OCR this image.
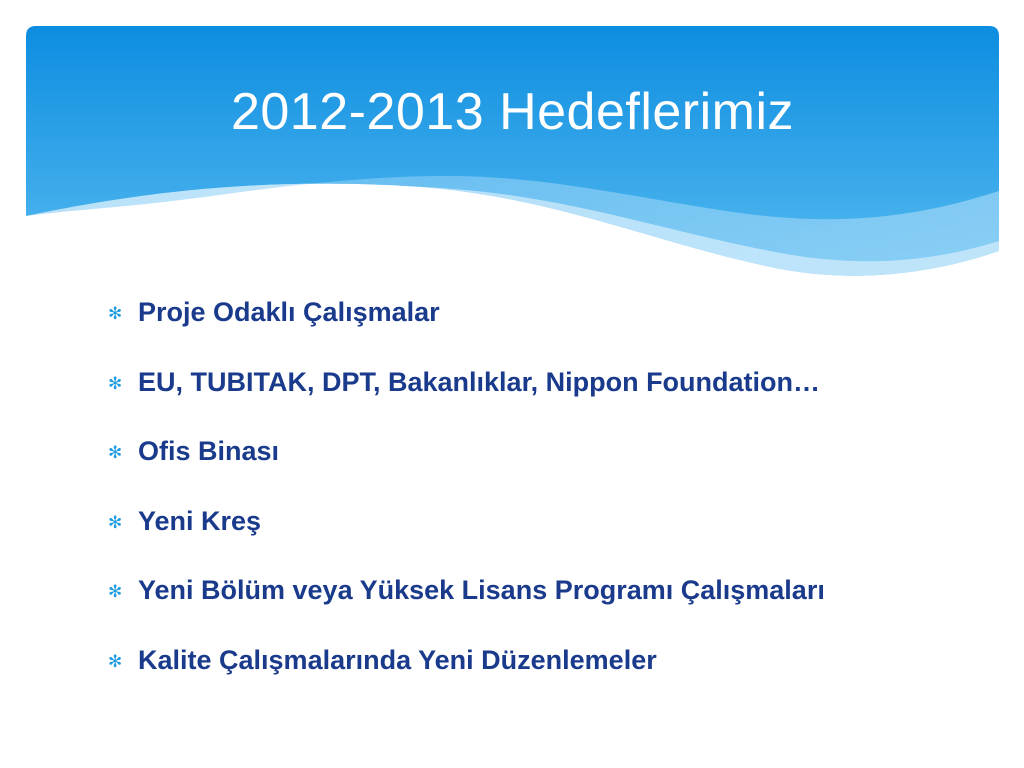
2012-2013 Hedeflerimiz
✻ Proje Odaklı Çalışmalar
✻ EU, TUBITAK, DPT, Bakanlıklar, Nippon Foundation…
✻ Ofis Binası
✻ Yeni Kreş
✻ Yeni Bölüm veya Yüksek Lisans Programı Çalışmaları
✻ Kalite Çalışmalarında Yeni Düzenlemeler
